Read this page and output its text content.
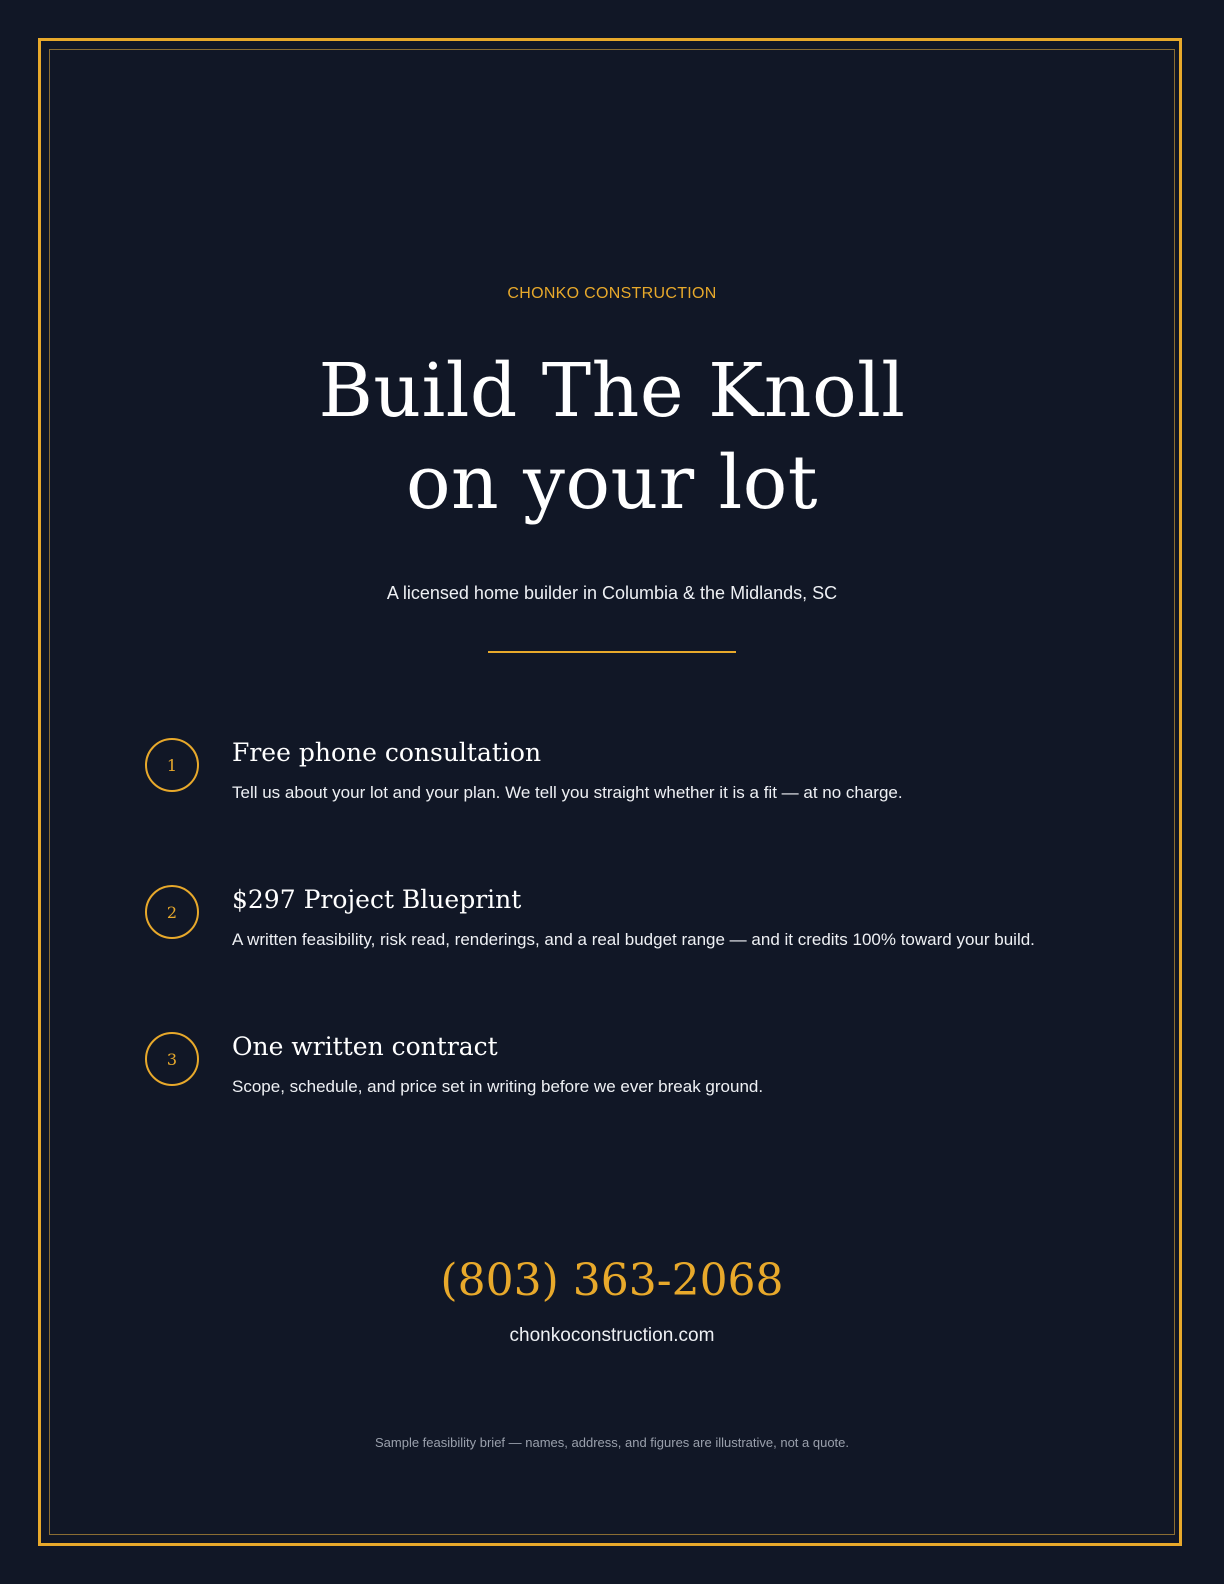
CHONKO CONSTRUCTION
Build The Knoll
on your lot
A licensed home builder in Columbia & the Midlands, SC
1	Free phone consultation
Tell us about your lot and your plan. We tell you straight whether it is a fit — at no charge.
2	$297 Project Blueprint
A written feasibility, risk read, renderings, and a real budget range — and it credits 100% toward your build.
3	One written contract
Scope, schedule, and price set in writing before we ever break ground.
(803) 363-2068
chonkoconstruction.com
Sample feasibility brief — names, address, and figures are illustrative, not a quote.
